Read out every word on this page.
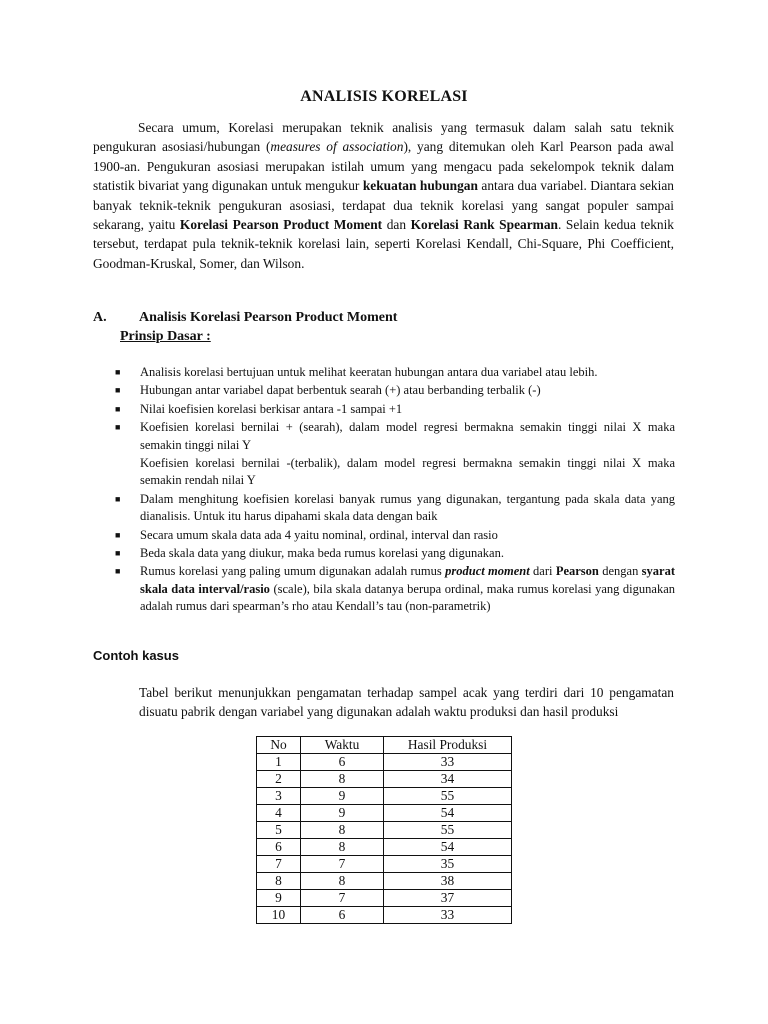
ANALISIS KORELASI
Secara umum, Korelasi merupakan teknik analisis yang termasuk dalam salah satu teknik pengukuran asosiasi/hubungan (measures of association), yang ditemukan oleh Karl Pearson pada awal 1900-an. Pengukuran asosiasi merupakan istilah umum yang mengacu pada sekelompok teknik dalam statistik bivariat yang digunakan untuk mengukur kekuatan hubungan antara dua variabel. Diantara sekian banyak teknik-teknik pengukuran asosiasi, terdapat dua teknik korelasi yang sangat populer sampai sekarang, yaitu Korelasi Pearson Product Moment dan Korelasi Rank Spearman. Selain kedua teknik tersebut, terdapat pula teknik-teknik korelasi lain, seperti Korelasi Kendall, Chi-Square, Phi Coefficient, Goodman-Kruskal, Somer, dan Wilson.
A. Analisis Korelasi Pearson Product Moment
Prinsip Dasar :
■ Analisis korelasi bertujuan untuk melihat keeratan hubungan antara dua variabel atau lebih.
■ Hubungan antar variabel dapat berbentuk searah (+) atau berbanding terbalik (-)
■ Nilai koefisien korelasi berkisar antara -1 sampai +1
■ Koefisien korelasi bernilai + (searah), dalam model regresi bermakna semakin tinggi nilai X maka semakin tinggi nilai Y
Koefisien korelasi bernilai -(terbalik), dalam model regresi bermakna semakin tinggi nilai X maka semakin rendah nilai Y
■ Dalam menghitung koefisien korelasi banyak rumus yang digunakan, tergantung pada skala data yang dianalisis. Untuk itu harus dipahami skala data dengan baik
■ Secara umum skala data ada 4 yaitu nominal, ordinal, interval dan rasio
■ Beda skala data yang diukur, maka beda rumus korelasi yang digunakan.
■ Rumus korelasi yang paling umum digunakan adalah rumus product moment dari Pearson dengan syarat skala data interval/rasio (scale), bila skala datanya berupa ordinal, maka rumus korelasi yang digunakan adalah rumus dari spearman’s rho atau Kendall’s tau (non-parametrik)
Contoh kasus
Tabel berikut menunjukkan pengamatan terhadap sampel acak yang terdiri dari 10 pengamatan disuatu pabrik dengan variabel yang digunakan adalah waktu produksi dan hasil produksi
No	Waktu	Hasil Produksi
1	6	33
2	8	34
3	9	55
4	9	54
5	8	55
6	8	54
7	7	35
8	8	38
9	7	37
10	6	33
